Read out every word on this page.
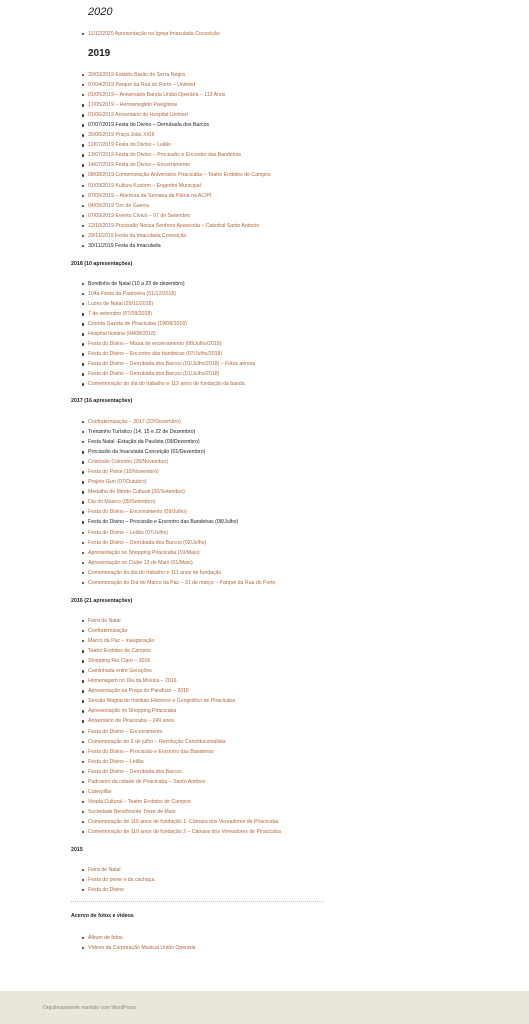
2020
11/12/2020 Apresentação na Igreja Imaculada Conceição
2019
30/03/2019 Estádio Barão de Serra Negra
07/04/2019 Parque da Rua do Porto – Unimed
01/05/2019 – Aniversário Banda União Operária – 113 Anos
17/05/2019 – Hermenegildo Paviglione
01/06/2019 Aniversário do Hospital Unimed
07/07/2019 Festa do Divino – Derrubada dos Barcos
30/06/2019 Praça João XXIII
12/07/2019 Festa do Divino – Leilão
13/07/2019 Festa do Divino – Procissão e Encontro das Bandeiras
14/07/2019 Festa do Divino – Encerramento
08/08/2019 Comemoração Aniversário Piracicaba – Teatro Erotides de Campos
01/09/2019 Kultura Kustom – Engenho Municipal
07/09/2019 – Abertura da Semana da Pátria na ACIPI
04/09/2019 Tiro de Guerra
07/09/2019 Evento Cívico – 07 de Setembro
12/10/2019 Procissão Nossa Senhora Aparecida – Catedral Santo Antonio
29/11/2019 Festa da Imaculada Conceição
30/11/2019 Festa da Imaculada
2018 (10 apresentações)
Bondinho de Natal (10 a 23 de dezembro)
104a Festa da Padroeira (01/12/2018)
Luzes de Natal (29/11/2018)
7 de setembro (07/09/2018)
Corrida Gazeta de Piracicaba (19/08/2018)
Hospital Ilumina (04/08/2018)
Festa do Divino – Missa de encerramento (08/Julho/2018)
Festa do Divino – Encontro das bandeiras (07/Julho/2018)
Festa do Divino – Derrubada dos Barcos (01/Julho/2018) – Fotos aéreas
Festa do Divino – Derrubada dos Barcos (01/Julho/2018)
Comemoração do dia do trabalho e 112 anos de fundação da banda
2017 (16 apresentações)
Confraternização – 2017 (22/Dezembro)
Trenzinho Turístico (14, 15 e 22 de Dezembro)
Festa Natal -Estação da Paulista (09/Dezembro)
Procissão da Imaculada Conceição (01/Dezembro)
Cristóvão Colombo (28/Novembro)
Festa do Peixe (10/Novembro)
Projeto Guri (07/Outubro)
Medalha de Mérito Cultural (20/Setembro)
Dia do Músico (05/Setembro)
Festa do Divino – Encerramento (09/Julho)
Festa do Divino – Procissão e Encontro das Bandeiras (08/Julho)
Festa do Divino – Leilão (07/Julho)
Festa do Divino – Derrubada dos Barcos (02/Julho)
Apresentação no Shopping Piracicaba (19/Maio)
Apresentação no Clube 13 de Maio (01/Maio)
Comemoração do dia do trabalho e 111 anos de fundação
Comemoração do Dia do Marco da Paz – 31 de março – Parque da Rua do Porto
2016 (21 apresentações)
Feira de Natal
Confraternização
Marco da Paz – inauguração
Teatro Erotides de Campos
Shopping Rio Claro – 2016
Caminhada entre Gerações
Homenagem no Dia da Música – 2016
Apresentação na Praça do Parafuso – 2016
Sessão Magna do Instituto Histórico e Geográfico de Piracicaba
Apresentação no Shopping Piracicaba
Aniversário de Piracicaba – 249 anos
Festa do Divino – Encerramento
Comemoração do 9 de julho – Revolução Constitucionalista
Festa do Divino – Procissão e Encontro das Bandeiras
Festa do Divino – Leilão
Festa do Divino – Derrubada dos Barcos
Padroeiro da cidade de Piracicaba – Santo Antônio
Caterpillar
Virada Cultural – Teatro Erotides de Campos
Sociedade Beneficente Treze de Maio
Comemoração de 110 anos de fundação 1- Câmara dos Vereadores de Piracicaba
Comemoração de 110 anos de fundação 2 – Câmara dos Vereadores de Piracicaba
2015
Feira de Natal
Festa do peixe e da cachaça
Festa do Divino
Acervo de fotos e vídeos
Álbum de fotos
Vídeos da Corporação Musical União Operária
Orgulhosamente mantido com WordPress
